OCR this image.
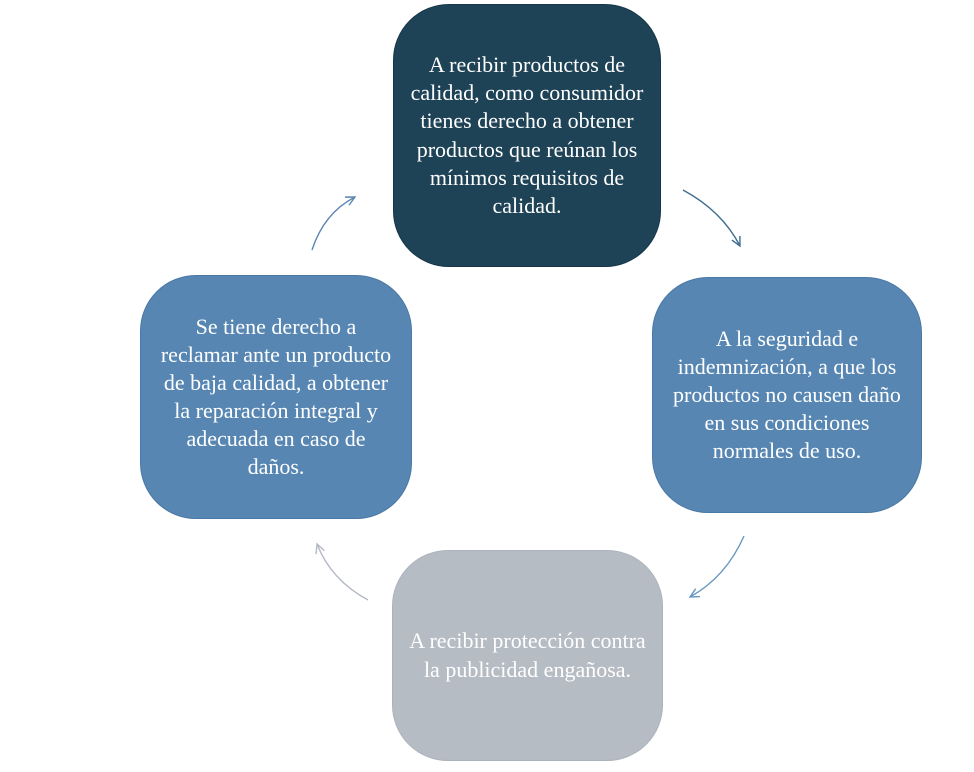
A recibir productos de calidad, como consumidor tienes derecho a obtener productos que reúnan los mínimos requisitos de calidad.
A la seguridad e indemnización, a que los productos no causen daño en sus condiciones normales de uso.
A recibir protección contra la publicidad engañosa.
Se tiene derecho a reclamar ante un producto de baja calidad, a obtener la reparación integral y adecuada en caso de daños.
